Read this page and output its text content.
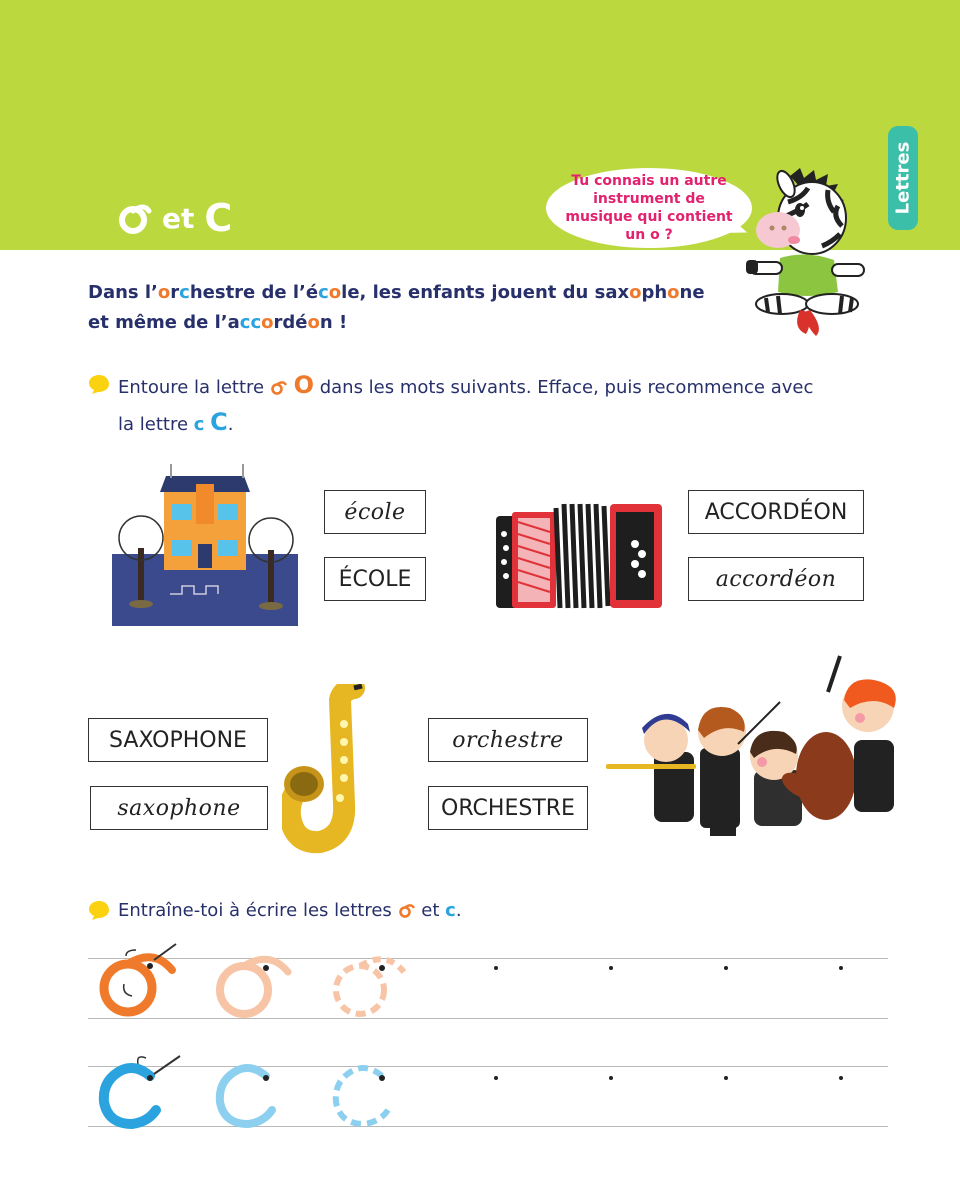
et C
Lettres
Tu connais un autre instrument de musique qui contient un o ?
Dans l’orchestre de l’école, les enfants jouent du saxophone
et même de l’accordéon !
Entoure la lettre O dans les mots suivants. Efface, puis recommence avec
la lettre c C.
école
ÉCOLE
ACCORDÉON
accordéon
SAXOPHONE
saxophone
orchestre
ORCHESTRE
Entraîne-toi à écrire les lettres et c.
